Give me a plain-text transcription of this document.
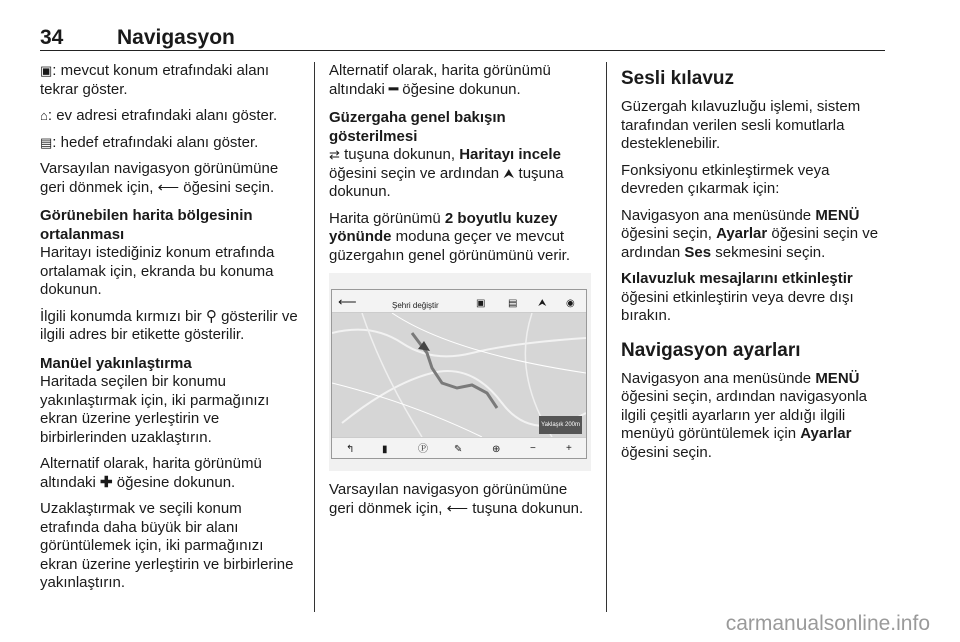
34	Navigasyon

▣: mevcut konum etrafındaki alanı tekrar göster.

⌂: ev adresi etrafındaki alanı göster.

▤: hedef etrafındaki alanı göster.

Varsayılan navigasyon görünümüne geri dönmek için, ⟵ öğesini seçin.

Görünebilen harita bölgesinin ortalanması

Haritayı istediğiniz konum etrafında ortalamak için, ekranda bu konuma dokunun.

İlgili konumda kırmızı bir ⚲ gösterilir ve ilgili adres bir etikette gösterilir.

Manüel yakınlaştırma

Haritada seçilen bir konumu yakınlaştırmak için, iki parmağınızı ekran üzerine yerleştirin ve birbirlerinden uzaklaştırın.

Alternatif olarak, harita görünümü altındaki ✚ öğesine dokunun.

Uzaklaştırmak ve seçili konum etrafında daha büyük bir alanı görüntülemek için, iki parmağınızı ekran üzerine yerleştirin ve birbirlerine yakınlaştırın.

Alternatif olarak, harita görünümü altındaki ━ öğesine dokunun.

Güzergaha genel bakışın gösterilmesi

⇄ tuşuna dokunun, Haritayı incele öğesini seçin ve ardından ⮝ tuşuna dokunun.

Harita görünümü 2 boyutlu kuzey yönünde moduna geçer ve mevcut güzergahın genel görünümünü verir.

⟵	Şehri değiştir	▣ ▤ ⮝ ◉
Yaklaşık 200m
↰	▮	Ⓟ	✎	⊕	−	+

Varsayılan navigasyon görünümüne geri dönmek için, ⟵ tuşuna dokunun.

Sesli kılavuz

Güzergah kılavuzluğu işlemi, sistem tarafından verilen sesli komutlarla desteklenebilir.

Fonksiyonu etkinleştirmek veya devreden çıkarmak için:

Navigasyon ana menüsünde MENÜ öğesini seçin, Ayarlar öğesini seçin ve ardından Ses sekmesini seçin.

Kılavuzluk mesajlarını etkinleştir

öğesini etkinleştirin veya devre dışı bırakın.

Navigasyon ayarları

Navigasyon ana menüsünde MENÜ öğesini seçin, ardından navigasyonla ilgili çeşitli ayarların yer aldığı ilgili menüyü görüntülemek için Ayarlar öğesini seçin.

carmanualsonline.info
